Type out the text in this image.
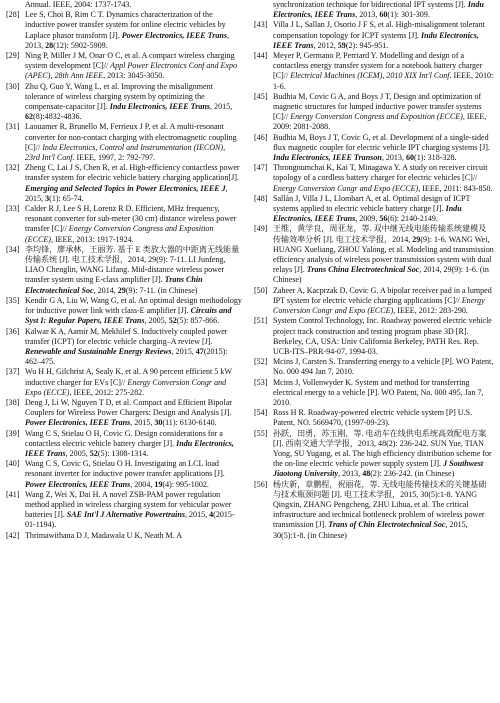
Annual. IEEE, 2004: 1737-1743.
[28] Lee S, Choi B, Rim C T. Dynamics characterization of the inductive power transfer system for online electric vehicles by Laplace phasor transform [J]. Power Electronics, IEEE Trans, 2013, 28(12): 5902-5909.
[29] Ning P, Miller J M, Onar O C, et al. A compact wireless charging system development [C]// Appl Power Electronics Conf and Expo (APEC), 28th Ann IEEE, 2013: 3045-3050.
[30] Zhu Q, Guo Y, Wang L, et al. Improving the misalignment tolerance of wireless charging system by optimizing the compensate-capacitor [J]. Indu Electronics, IEEE Trans, 2015, 62(8):4832-4836.
[31] Laouamer R, Brunello M, Ferrieux J P, et al. A multi-resonant converter for non-contact charging with electromagnetic coupling [C]// Indu Electronics, Control and Instrumentation (IECON), 23rd Int'l Conf. IEEE, 1997, 2: 792-797.
[32] Zheng C, Lai J S, Chen R, et al. High-efficiency contactless power transfer system for electric vehicle battery charging application[J]. Emerging and Selected Topics in Power Electronics, IEEE J, 2015, 3(1): 65-74.
[33] Calder R J, Lee S H, Lorenz R D. Efficient, MHz frequency, resonant converter for sub-meter (30 cm) distance wireless power transfer [C]// Energy Conversion Congress and Exposition (ECCE), IEEE, 2013: 1917-1924.
[34] 李均锋，廖承林，王丽芳. 基于 E 类放大器的中距离无线能量传输系统 [J]. 电工技术学报，2014, 29(9): 7-11. LI Junfeng, LIAO Chenglin, WANG Lifang. Mid-distance wireless power transfer system using E-class amplifier [J]. Trans Chin Electrotechnical Soc, 2014, 29(9): 7-11. (in Chinese)
[35] Kendir G A, Liu W, Wang G, et al. An optimal design methodology for inductive power link with class-E amplifier [J]. Circuits and Syst I: Regular Papers, IEEE Trans, 2005, 52(5): 857-866.
[36] Kalwar K A, Aamir M, Mekhilef S. Inductively coupled power transfer (ICPT) for electric vehicle charging–A review [J]. Renewable and Sustainable Energy Reviews, 2015, 47(2015): 462–475.
[37] Wu H H, Gilchrist A, Sealy K, et al. A 90 percent efficient 5 kW inductive charger for EVs [C]// Energy Conversion Congr and Expo (ECCE), IEEE, 2012: 275-282.
[38] Deng J, Li W, Nguyen T D, et al. Compact and Efficient Bipolar Couplers for Wireless Power Chargers: Design and Analysis [J]. Power Electronics, IEEE Trans, 2015, 30(11): 6130-6140.
[39] Wang C S, Stielau O H, Covic G. Design considerations for a contactless electric vehicle battery charger [J]. Indu Electronics, IEEE Trans, 2005, 52(5): 1308-1314.
[40] Wang C S, Covic G, Stielau O H. Investigating an LCL load resonant inverter for inductive power transfer applications [J]. Power Electronics, IEEE Trans, 2004, 19(4): 995-1002.
[41] Wang Z, Wei X, Dai H. A novel ZSB-PAM power regulation method applied in wireless charging system for vehicular power batteries [J]. SAE Int'l J Alternative Powertrains, 2015, 4(2015-01-1194).
[42] Thrimawithana D J, Madawala U K, Neath M. A
synchronization technique for bidirectional IPT systems [J]. Indu Electronics, IEEE Trans, 2013, 60(1): 301-309.
[43] Villa J L, Sallan J, Osorio J F S, et al. High-misalignment tolerant compensation topology for ICPT systems [J]. Indu Electronics, IEEE Trans, 2012, 59(2): 945-951.
[44] Meyer P, Germano P, Perriard Y. Modelling and design of a contactless energy transfer system for a notebook battery charger [C]// Electrical Machines (ICEM), 2010 XIX Int'l Conf. IEEE, 2010: 1-6.
[45] Budhia M, Covic G A, and Boys J T, Design and optimization of magnetic structures for lumped inductive power transfer systems [C]// Energy Conversion Congress and Exposition (ECCE), IEEE, 2009: 2081-2088.
[46] Budhia M, Boys J T, Covic G, et al. Development of a single-sided flux magnetic coupler for electric vehicle IPT charging systems [J]. Indu Electronics, IEEE Transon, 2013, 60(1): 318-328.
[47] Throngnumchai K, Kai T, Minagawa Y. A study on receiver circuit topology of a cordless battery charger for electric vehicles [C]// Energy Conversion Congr and Expo (ECCE), IEEE, 2011: 843-850.
[48] Sallán J, Villa J L, Llombart A, et al. Optimal design of ICPT systems applied to electric vehicle battery charge [J]. Indu Electronics, IEEE Trans, 2009, 56(6): 2140-2149.
[49] 王维，黄学良，周亚龙，等. 双中继无线电能传输系统建模及传输效率分析 [J]. 电工技术学报，2014, 29(9): 1-6. WANG Wei, HUANG Xueliang, ZHOU Yalong, et al. Modeling and transmission efficiency analysis of wireless power transmission system with dual relays [J]. Trans China Electrotechnical Soc, 2014, 29(9): 1-6. (in Chinese)
[50] Zaheer A, Kacprzak D, Covic G. A bipolar receiver pad in a lumped IPT system for electric vehicle charging applications [C]// Energy Conversion Congr and Expo (ECCE), IEEE, 2012: 283-290.
[51] System Control Technology, Inc. Roadway powered electric vehicle project track construction and testing program phase 3D [R]. Berkeley, CA, USA: Univ California Berkeley, PATH Res. Rep. UCB-ITS–PRR-94-07, 1994-03.
[52] Mcins J, Carsten S. Transferring energy to a vehicle [P]. WO Patent, No. 000 494 Jan 7, 2010.
[53] Mcins J, Vollenwyder K. System and method for transferring electrical energy to a vehicle [P]. WO Patent, No. 000 495, Jan 7, 2010.
[54] Ross H R. Roadway-powered electric vehicle system [P] U.S. Patent, NO. 5669470, (1997-09-23).
[55] 孙跃，田勇，苏玉刚，等. 电动车在线供电系统高效配电方案 [J]. 西南交通大学学报，2013, 48(2): 236-242. SUN Yue, TIAN Yong, SU Yugang, et al. The high efficiency distribution scheme for the on-line electric vehicle power supply system [J]. J Southwest Jiaotong University, 2013, 48(2): 236-242. (in Chinese)
[56] 杨庆新，章鹏程，祝丽花，等. 无线电能传输技术的关键基础与技术瓶颈问题 [J]. 电工技术学报，2015, 30(5):1-8. YANG Qingxin, ZHANG Pengcheng, ZHU Lihua, et al. The critical infrastructure and technical bottleneck problem of wireless power transmission [J]. Trans of Chin Electrotechnical Soc, 2015, 30(5):1-8. (in Chinese)
